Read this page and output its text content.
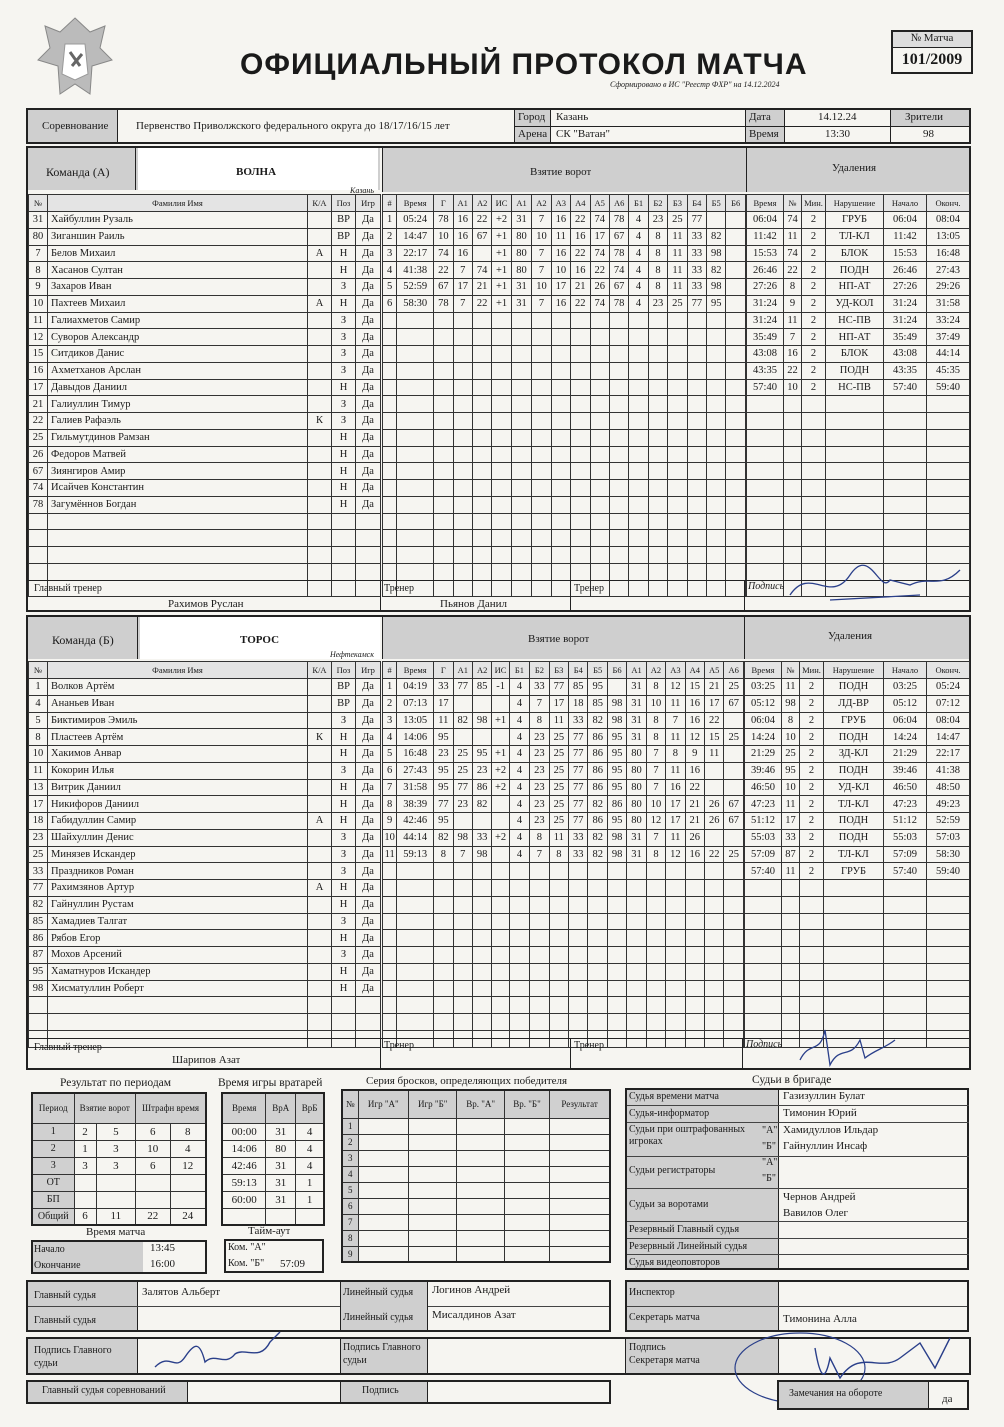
ОФИЦИАЛЬНЫЙ ПРОТОКОЛ МАТЧА
Сформировано в ИС "Реестр ФХР" на 14.12.2024
№ Матча
101/2009
Соревнование	Первенство Приволжского федерального округа до 18/17/16/15 лет
Город Казань
Арена СК "Ватан"
Дата	14.12.24
Время	13:30
Зрители
98
Команда (А)	ВОЛНА
Казань
Взятие ворот	Удаления
№	Фамилия Имя	К/А	Поз	Игр
31	Хайбуллин Рузаль		ВР	Да
80	Зиганшин Раиль		ВР	Да
7	Белов Михаил	А	Н	Да
8	Хасанов Султан		Н	Да
9	Захаров Иван		З	Да
10	Пахтеев Михаил	А	Н	Да
11	Галиахметов Самир		З	Да
12	Суворов Александр		З	Да
15	Ситдиков Данис		З	Да
16	Ахметханов Арслан		З	Да
17	Давыдов Даниил		Н	Да
21	Галиуллин Тимур		З	Да
22	Галиев Рафаэль	К	З	Да
25	Гильмутдинов Рамзан		Н	Да
26	Федоров Матвей		Н	Да
67	Зиянгиров Амир		Н	Да
74	Исайчев Константин		Н	Да
78	Загумённов Богдан		Н	Да

#	Время	Г	А1	А2	ИС	А1	А2	А3	А4	А5	А6	Б1	Б2	Б3	Б4	Б5	Б6
1	05:24	78	16	22	+2	31	7	16	22	74	78	4	23	25	77		
2	14:47	10	16	67	+1	80	10	11	16	17	67	4	8	11	33	82	
3	22:17	74	16		+1	80	7	16	22	74	78	4	8	11	33	98	
4	41:38	22	7	74	+1	80	7	10	16	22	74	4	8	11	33	82	
5	52:59	67	17	21	+1	31	10	17	21	26	67	4	8	11	33	98	
6	58:30	78	7	22	+1	31	7	16	22	74	78	4	23	25	77	95	

Время	№	Мин.	Нарушение	Начало	Оконч.
06:04	74	2	ГРУБ	06:04	08:04
11:42	11	2	ТЛ-КЛ	11:42	13:05
15:53	74	2	БЛОК	15:53	16:48
26:46	22	2	ПОДН	26:46	27:43
27:26	8	2	НП-АТ	27:26	29:26
31:24	9	2	УД-КОЛ	31:24	31:58
31:24	11	2	НС-ПВ	31:24	33:24
35:49	7	2	НП-АТ	35:49	37:49
43:08	16	2	БЛОК	43:08	44:14
43:35	22	2	ПОДН	43:35	45:35
57:40	10	2	НС-ПВ	57:40	59:40

Главный тренер
Рахимов Руслан
Тренер
Пьянов Данил
Тренер	Подпись
Команда (Б)	ТОРОС
Нефтекамск
Взятие ворот	Удаления
№	Фамилия Имя	К/А	Поз	Игр
1	Волков Артём		ВР	Да
4	Ананьев Иван		ВР	Да
5	Биктимиров Эмиль		З	Да
8	Пластеев Артём	К	Н	Да
10	Хакимов Анвар		Н	Да
11	Кокорин Илья		З	Да
13	Витрик Даниил		Н	Да
17	Никифоров Даниил		Н	Да
18	Габидуллин Самир	А	Н	Да
23	Шайхуллин Денис		З	Да
25	Минязев Искандер		З	Да
33	Праздников Роман		З	Да
77	Рахимзянов Артур	А	Н	Да
82	Гайнуллин Рустам		Н	Да
85	Хамадиев Талгат		З	Да
86	Рябов Егор		Н	Да
87	Мохов Арсений		З	Да
95	Хаматнуров Искандер		Н	Да
98	Хисматуллин Роберт		Н	Да

#	Время	Г	А1	А2	ИС	Б1	Б2	Б3	Б4	Б5	Б6	А1	А2	А3	А4	А5	А6
1	04:19	33	77	85	-1	4	33	77	85	95		31	8	12	15	21	25
2	07:13	17				4	7	17	18	85	98	31	10	11	16	17	67
3	13:05	11	82	98	+1	4	8	11	33	82	98	31	8	7	16	22	
4	14:06	95				4	23	25	77	86	95	31	8	11	12	15	25
5	16:48	23	25	95	+1	4	23	25	77	86	95	80	7	8	9	11	
6	27:43	95	25	23	+2	4	23	25	77	86	95	80	7	11	16		
7	31:58	95	77	86	+2	4	23	25	77	86	95	80	7	16	22		
8	38:39	77	23	82		4	23	25	77	82	86	80	10	17	21	26	67
9	42:46	95				4	23	25	77	86	95	80	12	17	21	26	67
10	44:14	82	98	33	+2	4	8	11	33	82	98	31	7	11	26		
11	59:13	8	7	98		4	7	8	33	82	98	31	8	12	16	22	25

Время	№	Мин.	Нарушение	Начало	Оконч.
03:25	11	2	ПОДН	03:25	05:24
05:12	98	2	ЛД-ВР	05:12	07:12
06:04	8	2	ГРУБ	06:04	08:04
14:24	10	2	ПОДН	14:24	14:47
21:29	25	2	ЗД-КЛ	21:29	22:17
39:46	95	2	ПОДН	39:46	41:38
46:50	10	2	УД-КЛ	46:50	48:50
47:23	11	2	ТЛ-КЛ	47:23	49:23
51:12	17	2	ПОДН	51:12	52:59
55:03	33	2	ПОДН	55:03	57:03
57:09	87	2	ТЛ-КЛ	57:09	58:30
57:40	11	2	ГРУБ	57:40	59:40

Главный тренер
Шарипов Азат
Тренер	Тренер	Подпись
Результат по периодам
Период	Взятие ворот		Штрафн время	
1	2	5	6	8
2	1	3	10	4
3	3	3	6	12
ОТ				
БП				
Общий	6	11	22	24
Время матча
Начало	13:45
Окончание	16:00
Время игры вратарей
Время	ВрА	ВрБ
00:00	31	4
14:06	80	4
42:46	31	4
59:13	31	1
60:00	31	1

Тайм-аут
Ком. "А"
Ком. "Б" 57:09
Серия бросков, определяющих победителя
№	Игр "А"	Игр "Б"	Вр. "А"	Вр. "Б"	Результат
1					
2					
3					
4					
5					
6					
7					
8					
9					
Судьи в бригаде
Судья времени матча	Газизуллин Булат
Судья-информатор	Тимонин Юрий
Судьи при оштрафованных игроках
"А" Хамидуллов Ильдар
"Б" Гайнуллин Инсаф
"А"
Судьи регистраторы
"Б"
Судьи за воротами
Чернов Андрей
Вавилов Олег
Резервный Главный судья
Резервный Линейный судья
Судья видеоповторов
Главный судья	Залятов Альберт
Главный судья
Линейный судья Логинов Андрей
Линейный судья Мисалдинов Азат
Инспектор
Секретарь матча	Тимонина Алла
Подпись Главного судьи
Подпись Главного судьи
Подпись Секретаря матча
Главный судья соревнований	Подпись	Замечания на обороте	да
